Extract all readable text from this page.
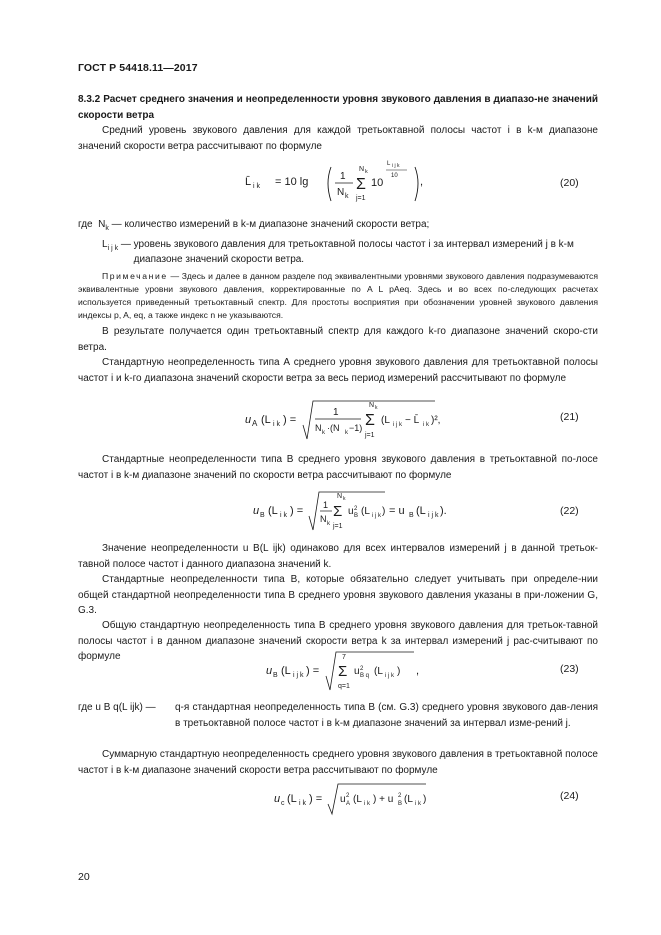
ГОСТ Р 54418.11—2017
8.3.2 Расчет среднего значения и неопределенности уровня звукового давления в диапазо-не значений скорости ветра
Средний уровень звукового давления для каждой третьоктавной полосы частот i в k-м диапазоне значений скорости ветра рассчитывают по формуле
L̄ i k = 10 lg	1
N k
N k
Σ
j=1
10
L i j k
10 ,	(20)
где  $N_k$ — количество измерений в k-м диапазоне значений скорости ветра;
$L_{i j k}$ — уровень звукового давления для третьоктавной полосы частот i за интервал измерений j в k-м диапазоне значений скорости ветра.
Примечание — Здесь и далее в данном разделе под эквивалентными уровнями звукового давления подразумеваются эквивалентные уровни звукового давления, корректированные по A L pAeq. Здесь и во всех по-следующих расчетах используется приведенный третьоктавный спектр. Для простоты восприятия при обозначении уровней звукового давления индексы p, A, eq, а также индекс n не указываются.
В результате получается один третьоктавный спектр для каждого k-го диапазоне значений скоро-сти ветра.
Стандартную неопределенность типа А среднего уровня звукового давления для третьоктавной полосы частот i и k-го диапазона значений скорости ветра за весь период измерений рассчитывают по формуле
u A (L i k ) =
1
N k ·(N k −1)
N k
Σ
j=1
(L i j k − L̄ i k )²,	(21)
Стандартные неопределенности типа В среднего уровня звукового давления в третьоктавной по-лосе частот i в k-м диапазоне значений по скорости ветра рассчитывают по формуле
u B (L i k ) = 1
N k
N k
Σ
j=1
u 2
B (L i j k ) = u B (L i j k ).	(22)
Значение неопределенности u B(L ijk) одинаково для всех интервалов измерений j в данной третьок-тавной полосе частот i данного диапазона значений k.
Стандартные неопределенности типа В, которые обязательно следует учитывать при определе-нии общей стандартной неопределенности типа В среднего уровня звукового давления указаны в при-ложении G, G.3.
Общую стандартную неопределенность типа В среднего уровня звукового давления для третьок-тавной полосы частот i в данном диапазоне значений скорости ветра k за интервал измерений j рас-считывают по формуле
u B (L i j k ) =
7
Σ
q=1
u 2
B q (L i j k ) ,	(23)
где u B q(L ijk) —	q-я стандартная неопределенность типа В (см. G.3) среднего уровня звукового дав-ления в третьоктавной полосе частот i в k-м диапазоне значений за интервал изме-рений j.
Суммарную стандартную неопределенность среднего уровня звукового давления в третьоктавной полосе частот i в k-м диапазоне значений скорости ветра рассчитывают по формуле
u c (L i k ) = u 2
A (L i k ) + u 2
B (L i k )	(24)
20
